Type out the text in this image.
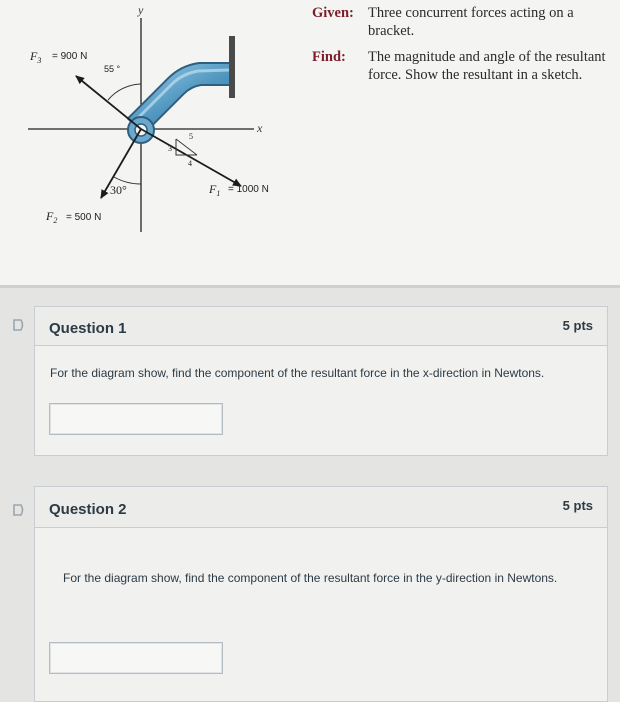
y
x
$F_3 = 900$ N
55 °
30°
$F_2 = 500$ N
$F_1 = 1000$ N
5
3
4
Given: Three concurrent forces acting on a bracket.
Find:	The magnitude and angle of the resultant force. Show the resultant in a sketch.
Question 1	5 pts
For the diagram show, find the component of the resultant force in the x-direction in Newtons.
Question 2	5 pts
For the diagram show, find the component of the resultant force in the y-direction in Newtons.
